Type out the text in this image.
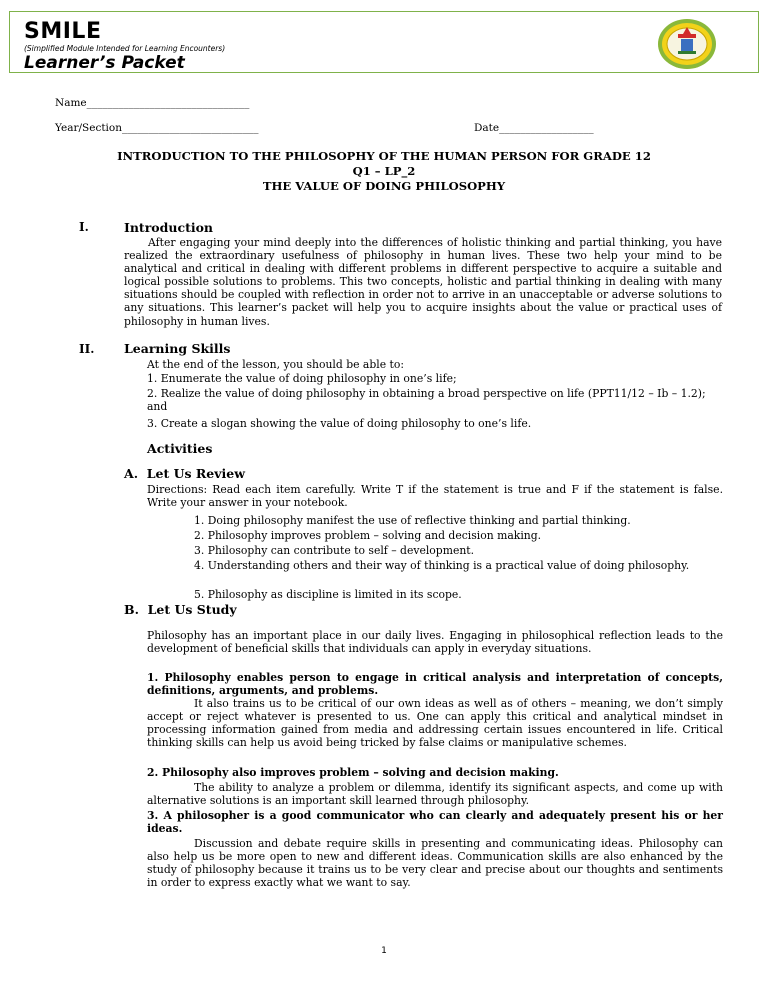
SMILE
(Simplified Module Intended for Learning Encounters)
Learner’s Packet
Name_______________________________
Year/Section__________________________	Date__________________
INTRODUCTION TO THE PHILOSOPHY OF THE HUMAN PERSON FOR GRADE 12
Q1 – LP_2
THE VALUE OF DOING PHILOSOPHY
I.	Introduction
After engaging your mind deeply into the differences of holistic thinking and partial thinking, you have realized the extraordinary usefulness of philosophy in human lives. These two help your mind to be analytical and critical in dealing with different problems in different perspective to acquire a suitable and logical possible solutions to problems. This two concepts, holistic and partial thinking in dealing with many situations should be coupled with reflection in order not to arrive in an unacceptable or adverse solutions to any situations. This learner’s packet will help you to acquire insights about the value or practical uses of philosophy in human lives.
II. Learning Skills
At the end of the lesson, you should be able to:
1. Enumerate the value of doing philosophy in one’s life;
2. Realize the value of doing philosophy in obtaining a broad perspective on life (PPT11/12 – Ib – 1.2); and
3. Create a slogan showing the value of doing philosophy to one’s life.
Activities
A.  Let Us Review
Directions: Read each item carefully. Write T if the statement is true and F if the statement is false. Write your answer in your notebook.
1. Doing philosophy manifest the use of reflective thinking and partial thinking.
2. Philosophy improves problem – solving and decision making.
3. Philosophy can contribute to self – development.
4. Understanding others and their way of thinking is a practical value of doing philosophy.
5. Philosophy as discipline is limited in its scope.
B.  Let Us Study
Philosophy has an important place in our daily lives. Engaging in philosophical reflection leads to the development of beneficial skills that individuals can apply in everyday situations.
1. Philosophy enables person to engage in critical analysis and interpretation of concepts, definitions, arguments, and problems.
It also trains us to be critical of our own ideas as well as of others – meaning, we don’t simply accept or reject whatever is presented to us. One can apply this critical and analytical mindset in processing information gained from media and addressing certain issues encountered in life. Critical thinking skills can help us avoid being tricked by false claims or manipulative schemes.
2. Philosophy also improves problem – solving and decision making.
The ability to analyze a problem or dilemma, identify its significant aspects, and come up with alternative solutions is an important skill learned through philosophy.
3. A philosopher is a good communicator who can clearly and adequately present his or her ideas.
Discussion and debate require skills in presenting and communicating ideas. Philosophy can also help us be more open to new and different ideas. Communication skills are also enhanced by the study of philosophy because it trains us to be very clear and precise about our thoughts and sentiments in order to express exactly what we want to say.
1
